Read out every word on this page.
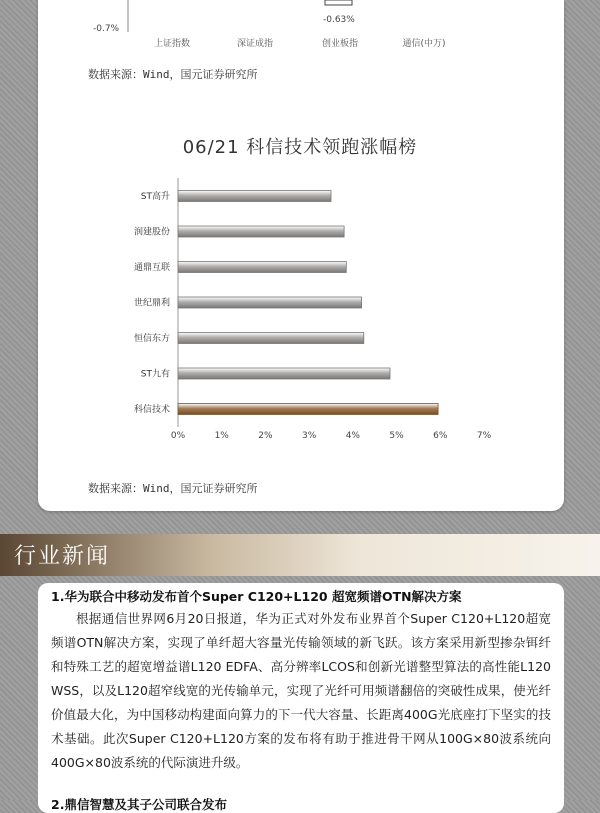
-0.7%
-0.63%
上证指数	深证成指	创业板指	通信(中万)
ST高升
润建股份
通鼎互联
世纪鼎利
恒信东方
ST九有
科信技术
0%	1%	2%	3%	4%	5%	6%	7%
数据来源：Wind，国元证券研究所
06/21 科信技术领跑涨幅榜
数据来源：Wind，国元证券研究所
行业新闻
1.华为联合中移动发布首个Super C120+L120 超宽频谱OTN解决方案

根据通信世界网6月20日报道，华为正式对外发布业界首个Super C120+L120超宽频谱OTN解决方案，实现了单纤超大容量光传输领域的新飞跃。该方案采用新型掺杂铒纤和特殊工艺的超宽增益谱L120 EDFA、高分辨率LCOS和创新光谱整型算法的高性能L120 WSS，以及L120超窄线宽的光传输单元，实现了光纤可用频谱翻倍的突破性成果，使光纤价值最大化，为中国移动构建面向算力的下一代大容量、长距离400G光底座打下坚实的技术基础。此次Super C120+L120方案的发布将有助于推进骨干网从100G×80波系统向400G×80波系统的代际演进升级。

2.鼎信智慧及其子公司联合发布
